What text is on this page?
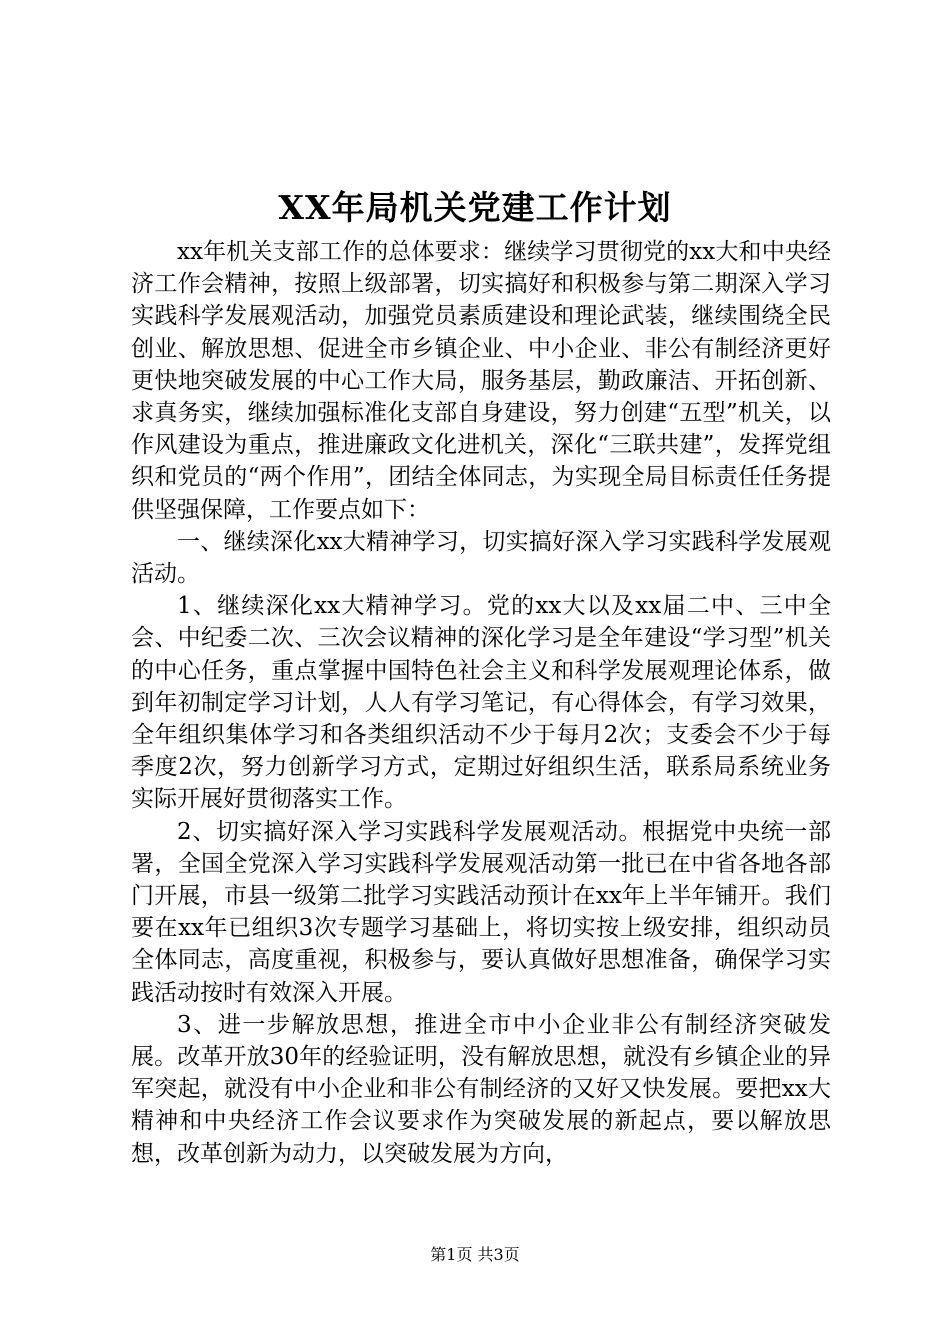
XX年局机关党建工作计划

xx年机关支部工作的总体要求：继续学习贯彻党的xx大和中央经济工作会精神，按照上级部署，切实搞好和积极参与第二期深入学习实践科学发展观活动，加强党员素质建设和理论武装，继续围绕全民创业、解放思想、促进全市乡镇企业、中小企业、非公有制经济更好更快地突破发展的中心工作大局，服务基层，勤政廉洁、开拓创新、求真务实，继续加强标准化支部自身建设，努力创建“五型”机关，以作风建设为重点，推进廉政文化进机关，深化“三联共建”，发挥党组织和党员的“两个作用”，团结全体同志，为实现全局目标责任任务提供坚强保障，工作要点如下：

一、继续深化xx大精神学习，切实搞好深入学习实践科学发展观活动。

1、继续深化xx大精神学习。党的xx大以及xx届二中、三中全会、中纪委二次、三次会议精神的深化学习是全年建设“学习型”机关的中心任务，重点掌握中国特色社会主义和科学发展观理论体系，做到年初制定学习计划，人人有学习笔记，有心得体会，有学习效果，全年组织集体学习和各类组织活动不少于每月2次；支委会不少于每季度2次，努力创新学习方式，定期过好组织生活，联系局系统业务实际开展好贯彻落实工作。

2、切实搞好深入学习实践科学发展观活动。根据党中央统一部署，全国全党深入学习实践科学发展观活动第一批已在中省各地各部门开展，市县一级第二批学习实践活动预计在xx年上半年铺开。我们要在xx年已组织3次专题学习基础上，将切实按上级安排，组织动员全体同志，高度重视，积极参与，要认真做好思想准备，确保学习实践活动按时有效深入开展。

3、进一步解放思想，推进全市中小企业非公有制经济突破发展。改革开放30年的经验证明，没有解放思想，就没有乡镇企业的异军突起，就没有中小企业和非公有制经济的又好又快发展。要把xx大精神和中央经济工作会议要求作为突破发展的新起点，要以解放思想，改革创新为动力，以突破发展为方向，

第1页 共3页
